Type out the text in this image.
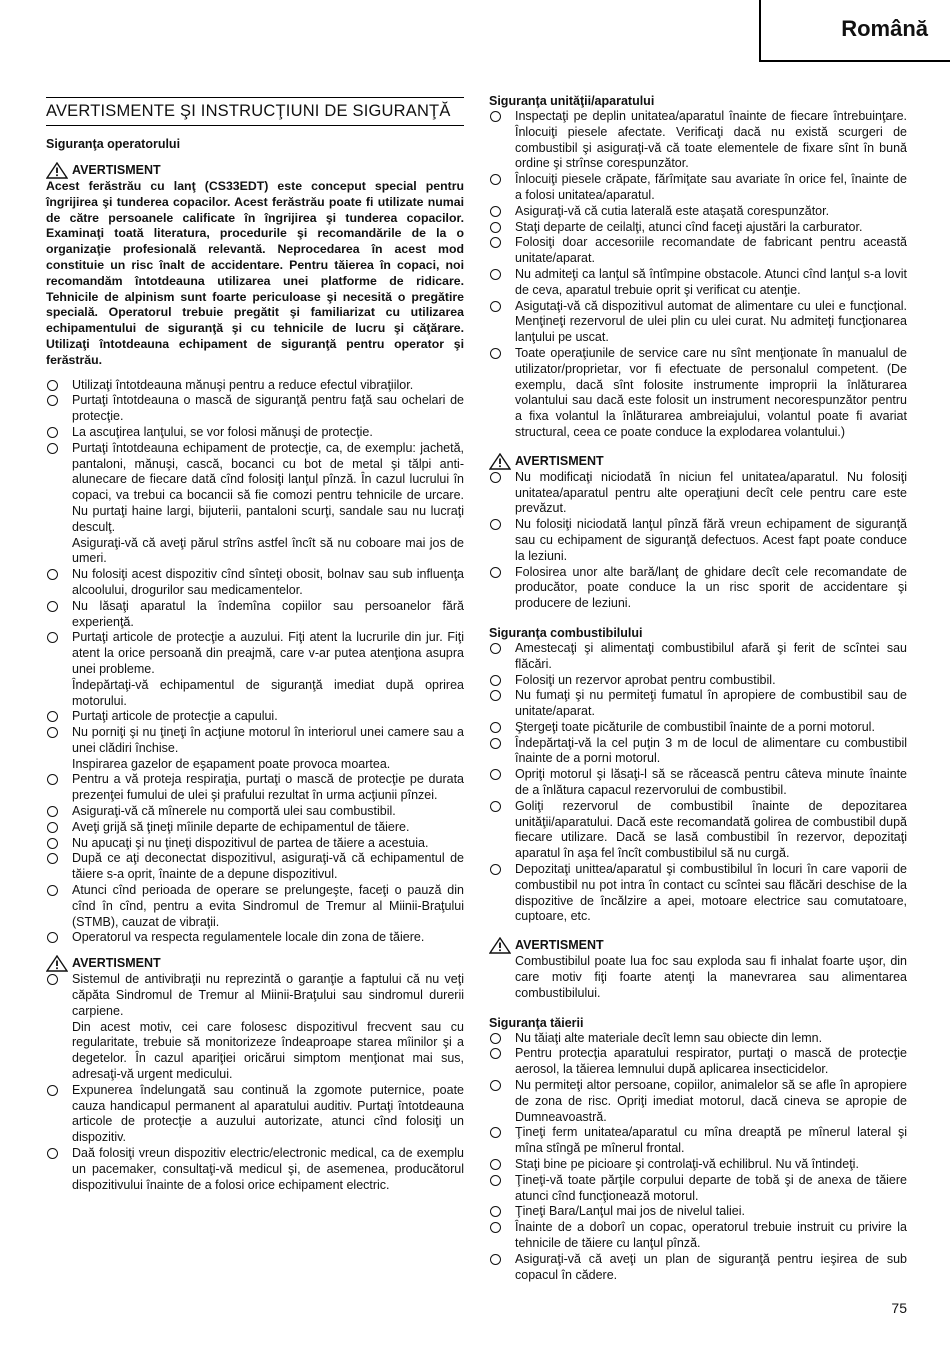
Română
AVERTISMENTE ŞI INSTRUCŢIUNI DE SIGURANŢĂ
Siguranţa operatorului
AVERTISMENT

Acest ferăstrău cu lanţ (CS33EDT) este conceput special pentru îngrijirea şi tunderea copacilor. Acest ferăstrău poate fi utilizate numai de către persoanele calificate în îngrijirea şi tunderea copacilor. Examinaţi toată literatura, procedurile şi recomandările de la o organizaţie profesională relevantă. Neprocedarea în acest mod constituie un risc înalt de accidentare. Pentru tăierea în copaci, noi recomandăm întotdeauna utilizarea unei platforme de ridicare. Tehnicile de alpinism sunt foarte periculoase şi necesită o pregătire specială. Operatorul trebuie pregătit şi familiarizat cu utilizarea echipamentului de siguranţă şi cu tehnicile de lucru şi căţărare. Utilizaţi întotdeauna echipament de siguranţă pentru operator şi ferăstrău.

Utilizaţi întotdeauna mănuşi pentru a reduce efectul vibraţiilor.

Purtaţi întotdeauna o mască de siguranţă pentru faţă sau ochelari de protecţie.

La ascuţirea lanţului, se vor folosi mănuşi de protecţie.

Purtaţi întotdeauna echipament de protecţie, ca, de exemplu: jachetă, pantaloni, mănuşi, cască, bocanci cu bot de metal şi tălpi anti-alunecare de fiecare dată cînd folosiţi lanţul pînză. În cazul lucrului în copaci, va trebui ca bocancii să fie comozi pentru tehnicile de urcare. Nu purtaţi haine largi, bijuterii, pantaloni scurţi, sandale sau nu lucraţi desculţ.

Asiguraţi-vă că aveţi părul strîns astfel încît să nu coboare mai jos de umeri.

Nu folosiţi acest dispozitiv cînd sînteţi obosit, bolnav sau sub influenţa alcoolului, drogurilor sau medicamentelor.

Nu lăsaţi aparatul la îndemîna copiilor sau persoanelor fără experienţă.

Purtaţi articole de protecţie a auzului. Fiţi atent la lucrurile din jur. Fiţi atent la orice persoană din preajmă, care v-ar putea atenţiona asupra unei probleme.

Îndepărtaţi-vă echipamentul de siguranţă imediat după oprirea motorului.

Purtaţi articole de protecţie a capului.

Nu porniţi şi nu ţineţi în acţiune motorul în interiorul unei camere sau a unei clădiri închise.

Inspirarea gazelor de eşapament poate provoca moartea.

Pentru a vă proteja respiraţia, purtaţi o mască de protecţie pe durata prezenţei fumului de ulei şi prafului rezultat în urma acţiunii pînzei.

Asiguraţi-vă că mînerele nu comportă ulei sau combustibil.

Aveţi grijă să ţineţi mîinile departe de echipamentul de tăiere.

Nu apucaţi şi nu ţineţi dispozitivul de partea de tăiere a acestuia.

După ce aţi deconectat dispozitivul, asiguraţi-vă că echipamentul de tăiere s-a oprit, înainte de a depune dispozitivul.

Atunci cînd perioada de operare se prelungeşte, faceţi o pauză din cînd în cînd, pentru a evita Sindromul de Tremur al Miinii-Braţului (STMB), cauzat de vibraţii.

Operatorul va respecta regulamentele locale din zona de tăiere.

AVERTISMENT

Sistemul de antivibraţii nu reprezintă o garanţie a faptului că nu veţi căpăta Sindromul de Tremur al Miinii-Braţului sau sindromul durerii carpiene.

Din acest motiv, cei care folosesc dispozitivul frecvent sau cu regularitate, trebuie să monitorizeze îndeaproape starea mîinilor şi a degetelor. În cazul apariţiei oricărui simptom menţionat mai sus, adresaţi-vă urgent medicului.

Expunerea îndelungată sau continuă la zgomote puternice, poate cauza handicapul permanent al aparatului auditiv. Purtaţi întotdeauna articole de protecţie a auzului autorizate, atunci cînd folosiţi un dispozitiv.

Daă folosiţi vreun dispozitiv electric/electronic medical, ca de exemplu un pacemaker, consultaţi-vă medicul şi, de asemenea, producătorul dispozitivului înainte de a folosi orice echipament electric.

Siguranţa unităţii/aparatului

Inspectaţi pe deplin unitatea/aparatul înainte de fiecare întrebuinţare. Înlocuiţi piesele afectate. Verificaţi dacă nu există scurgeri de combustibil şi asiguraţi-vă că toate elementele de fixare sînt în bună ordine şi strînse corespunzător.

Înlocuiţi piesele crăpate, fărîmiţate sau avariate în orice fel, înainte de a folosi unitatea/aparatul.

Asiguraţi-vă că cutia laterală este ataşată corespunzător.

Staţi departe de ceilalţi, atunci cînd faceţi ajustări la carburator.

Folosiţi doar accesoriile recomandate de fabricant pentru această unitate/aparat.

Nu admiteţi ca lanţul să întîmpine obstacole. Atunci cînd lanţul s-a lovit de ceva, aparatul trebuie oprit şi verificat cu atenţie.

Asigutaţi-vă că dispozitivul automat de alimentare cu ulei e funcţional. Menţineţi rezervorul de ulei plin cu ulei curat. Nu admiteţi funcţionarea lanţului pe uscat.

Toate operaţiunile de service care nu sînt menţionate în manualul de utilizator/proprietar, vor fi efectuate de personalul competent. (De exemplu, dacă sînt folosite instrumente improprii la înlăturarea volantului sau dacă este folosit un instrument necorespunzător pentru a fixa volantul la înlăturarea ambreiajului, volantul poate fi avariat structural, ceea ce poate conduce la explodarea volantului.)

AVERTISMENT

Nu modificaţi niciodată în niciun fel unitatea/aparatul. Nu folosiţi unitatea/aparatul pentru alte operaţiuni decît cele pentru care este prevăzut.

Nu folosiţi niciodată lanţul pînză fără vreun echipament de siguranţă sau cu echipament de siguranţă defectuos. Acest fapt poate conduce la leziuni.

Folosirea unor alte bară/lanţ de ghidare decît cele recomandate de producător, poate conduce la un risc sporit de accidentare şi producere de leziuni.

Siguranţa combustibilului

Amestecaţi şi alimentaţi combustibilul afară şi ferit de scîntei sau flăcări.

Folosiţi un rezervor aprobat pentru combustibil.

Nu fumaţi şi nu permiteţi fumatul în apropiere de combustibil sau de unitate/aparat.

Ştergeţi toate picăturile de combustibil înainte de a porni motorul.

Îndepărtaţi-vă la cel puţin 3 m de locul de alimentare cu combustibil înainte de a porni motorul.

Opriţi motorul şi lăsaţi-l să se răcească pentru câteva minute înainte de a înlătura capacul rezervorului de combustibil.

Goliţi rezervorul de combustibil înainte de depozitarea unităţii/aparatului. Dacă este recomandată golirea de combustibil după fiecare utilizare. Dacă se lasă combustibil în rezervor, depozitaţi aparatul în aşa fel încît combustibilul să nu curgă.

Depozitaţi unittea/aparatul şi combustibilul în locuri în care vaporii de combustibil nu pot intra în contact cu scîntei sau flăcări deschise de la dispozitive de încălzire a apei, motoare electrice sau comutatoare, cuptoare, etc.

AVERTISMENT

Combustibilul poate lua foc sau exploda sau fi inhalat foarte uşor, din care motiv fiţi foarte atenţi la manevrarea sau alimentarea combustibilului.

Siguranţa tăierii

Nu tăiaţi alte materiale decît lemn sau obiecte din lemn.

Pentru protecţia aparatului respirator, purtaţi o mască de protecţie aerosol, la tăierea lemnului după aplicarea insecticidelor.

Nu permiteţi altor persoane, copiilor, animalelor să se afle în apropiere de zona de risc. Opriţi imediat motorul, dacă cineva se apropie de Dumneavoastră.

Ţineţi ferm unitatea/aparatul cu mîna dreaptă pe mînerul lateral şi mîna stîngă pe mînerul frontal.

Staţi bine pe picioare şi controlaţi-vă echilibrul. Nu vă întindeţi.

Ţineţi-vă toate părţile corpului departe de tobă şi de anexa de tăiere atunci cînd funcţionează motorul.

Ţineţi Bara/Lanţul mai jos de nivelul taliei.

Înainte de a doborî un copac, operatorul trebuie instruit cu privire la tehnicile de tăiere cu lanţul pînză.

Asiguraţi-vă că aveţi un plan de siguranţă pentru ieşirea de sub copacul în cădere.

75
